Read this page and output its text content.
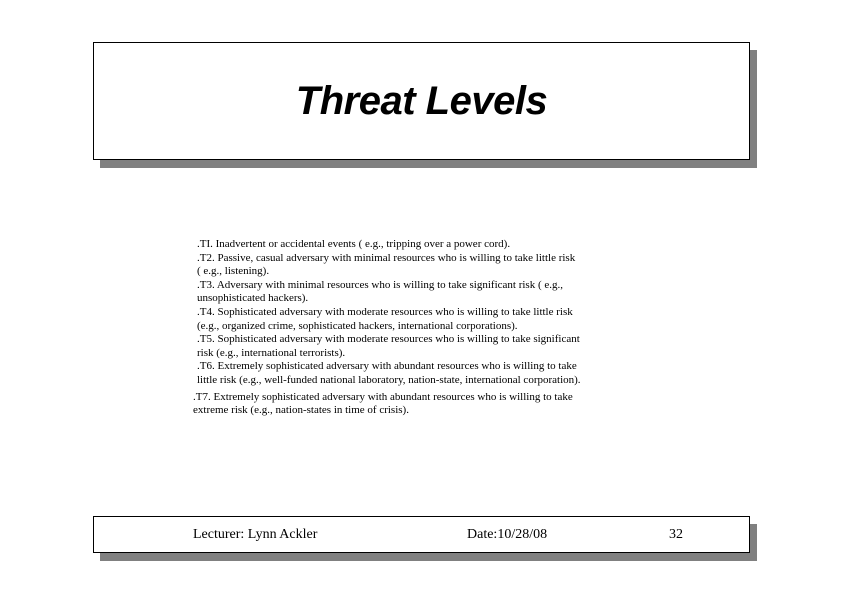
Threat Levels

.TI. Inadvertent or accidental events ( e.g., tripping over a power cord).

.T2. Passive, casual adversary with minimal resources who is willing to take little risk
( e.g., listening).

.T3. Adversary with minimal resources who is willing to take significant risk ( e.g.,
unsophisticated hackers).

.T4. Sophisticated adversary with moderate resources who is willing to take little risk
(e.g., organized crime, sophisticated hackers, international corporations).

.T5. Sophisticated adversary with moderate resources who is willing to take significant
risk (e.g., international terrorists).

.T6. Extremely sophisticated adversary with abundant resources who is willing to take
little risk (e.g., well-funded national laboratory, nation-state, international corporation).

.T7. Extremely sophisticated adversary with abundant resources who is willing to take
extreme risk (e.g., nation-states in time of crisis).

Lecturer: Lynn Ackler	Date:10/28/08	32
